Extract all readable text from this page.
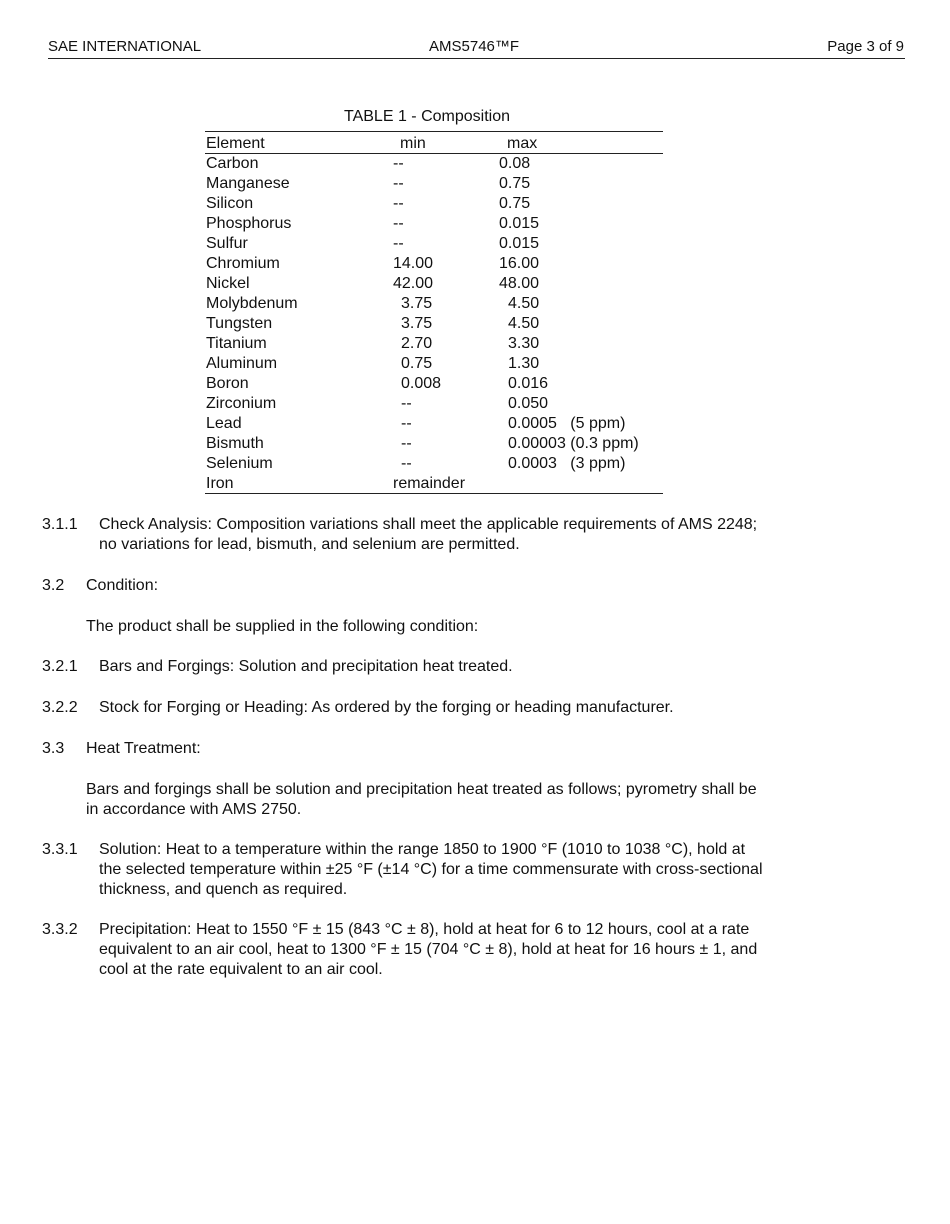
SAE INTERNATIONAL	AMS5746™F	Page 3 of 9
TABLE 1 - Composition
Element	min	max
Carbon	--	0.08
Manganese	--	0.75
Silicon	--	0.75
Phosphorus	--	0.015
Sulfur	--	0.015
Chromium	14.00	16.00
Nickel	42.00	48.00
Molybdenum	3.75	4.50
Tungsten	3.75	4.50
Titanium	2.70	3.30
Aluminum	0.75	1.30
Boron	0.008	0.016
Zirconium	--	0.050
Lead	--	0.0005   (5 ppm)
Bismuth	--	0.00003 (0.3 ppm)
Selenium	--	0.0003   (3 ppm)
Iron	remainder
3.1.1 Check Analysis: Composition variations shall meet the applicable requirements of AMS 2248;
no variations for lead, bismuth, and selenium are permitted.
3.2 Condition:
The product shall be supplied in the following condition:
3.2.1 Bars and Forgings: Solution and precipitation heat treated.
3.2.2 Stock for Forging or Heading: As ordered by the forging or heading manufacturer.
3.3 Heat Treatment:
Bars and forgings shall be solution and precipitation heat treated as follows; pyrometry shall be
in accordance with AMS 2750.
3.3.1 Solution: Heat to a temperature within the range 1850 to 1900 °F (1010 to 1038 °C), hold at
the selected temperature within ±25 °F (±14 °C) for a time commensurate with cross-sectional
thickness, and quench as required.
3.3.2 Precipitation: Heat to 1550 °F ± 15 (843 °C ± 8), hold at heat for 6 to 12 hours, cool at a rate
equivalent to an air cool, heat to 1300 °F ± 15 (704 °C ± 8), hold at heat for 16 hours ± 1, and
cool at the rate equivalent to an air cool.
